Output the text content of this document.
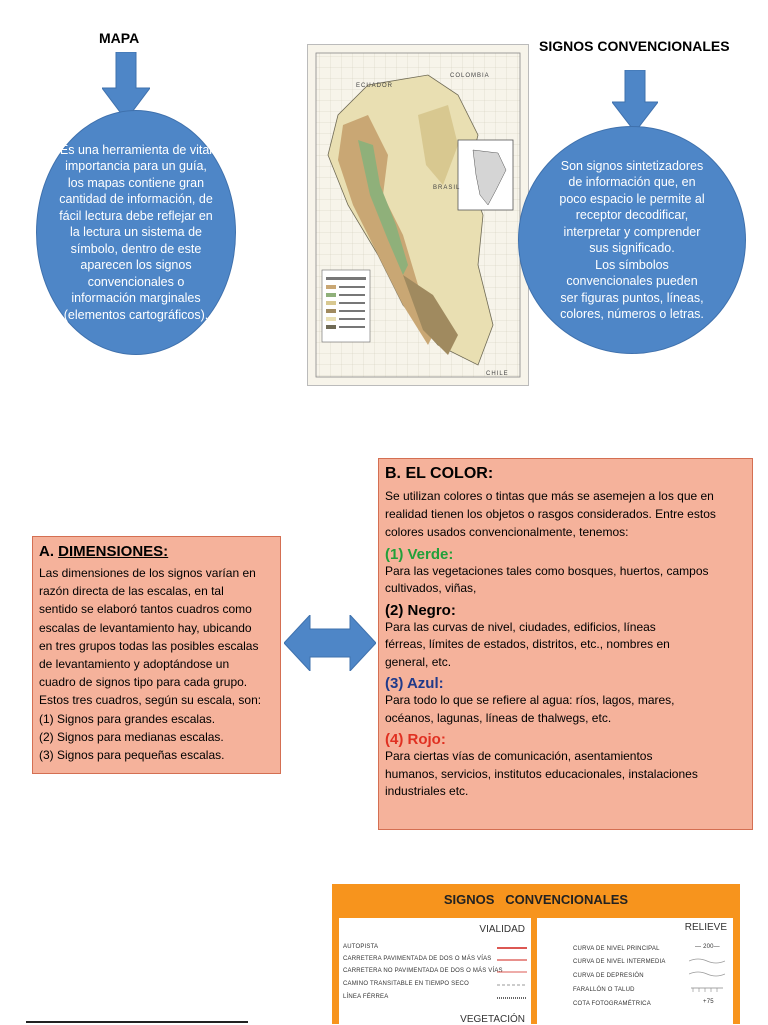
MAPA

Es una herramienta de vital
importancia para un guía,
los mapas contiene gran
cantidad de información, de
fácil lectura debe reflejar en
la lectura un sistema de
símbolo, dentro de este
aparecen los signos
convencionales o
información marginales
(elementos cartográficos).

COLOMBIA
ECUADOR
BRASIL
CHILE
SIGNOS CONVENCIONALES

Son signos sintetizadores
de información que, en
poco espacio le permite al
receptor decodificar,
interpretar y comprender
sus significado.
Los símbolos
convencionales pueden
ser figuras puntos, líneas,
colores, números o letras.

A. DIMENSIONES:
Las dimensiones de los signos varían en
razón directa de las escalas, en tal
sentido se elaboró tantos cuadros como
escalas de levantamiento hay, ubicando
en tres grupos todas las posibles escalas
de levantamiento y adoptándose un
cuadro de signos tipo para cada grupo.
Estos tres cuadros, según su escala, son:
(1) Signos para grandes escalas.
(2) Signos para medianas escalas.
(3) Signos para pequeñas escalas.
B. EL COLOR:
Se utilizan colores o tintas que más se asemejen a los que en
realidad tienen los objetos o rasgos considerados. Entre estos
colores usados convencionalmente, tenemos:
(1) Verde:
Para las vegetaciones tales como bosques, huertos, campos
cultivados, viñas,
(2) Negro:
Para las curvas de nivel, ciudades, edificios, líneas
férreas, límites de estados, distritos, etc., nombres en
general, etc.
(3) Azul:
Para todo lo que se refiere al agua: ríos, lagos, mares,
océanos, lagunas, líneas de thalwegs, etc.
(4) Rojo:
Para ciertas vías de comunicación, asentamientos
humanos, servicios, institutos educacionales, instalaciones
industriales etc.
SIGNOS   CONVENCIONALES
VIALIDAD
AUTOPISTA
CARRETERA PAVIMENTADA DE DOS O MÁS VÍAS
CARRETERA NO PAVIMENTADA DE DOS O MÁS VÍAS
CAMINO TRANSITABLE EN TIEMPO SECO
LÍNEA FÉRREA
VEGETACIÓN
RELIEVE
CURVA DE NIVEL PRINCIPAL
CURVA DE NIVEL INTERMEDIA
CURVA DE DEPRESIÓN
FARALLÓN O TALUD
COTA FOTOGRAMÉTRICA
— 200—
+75
